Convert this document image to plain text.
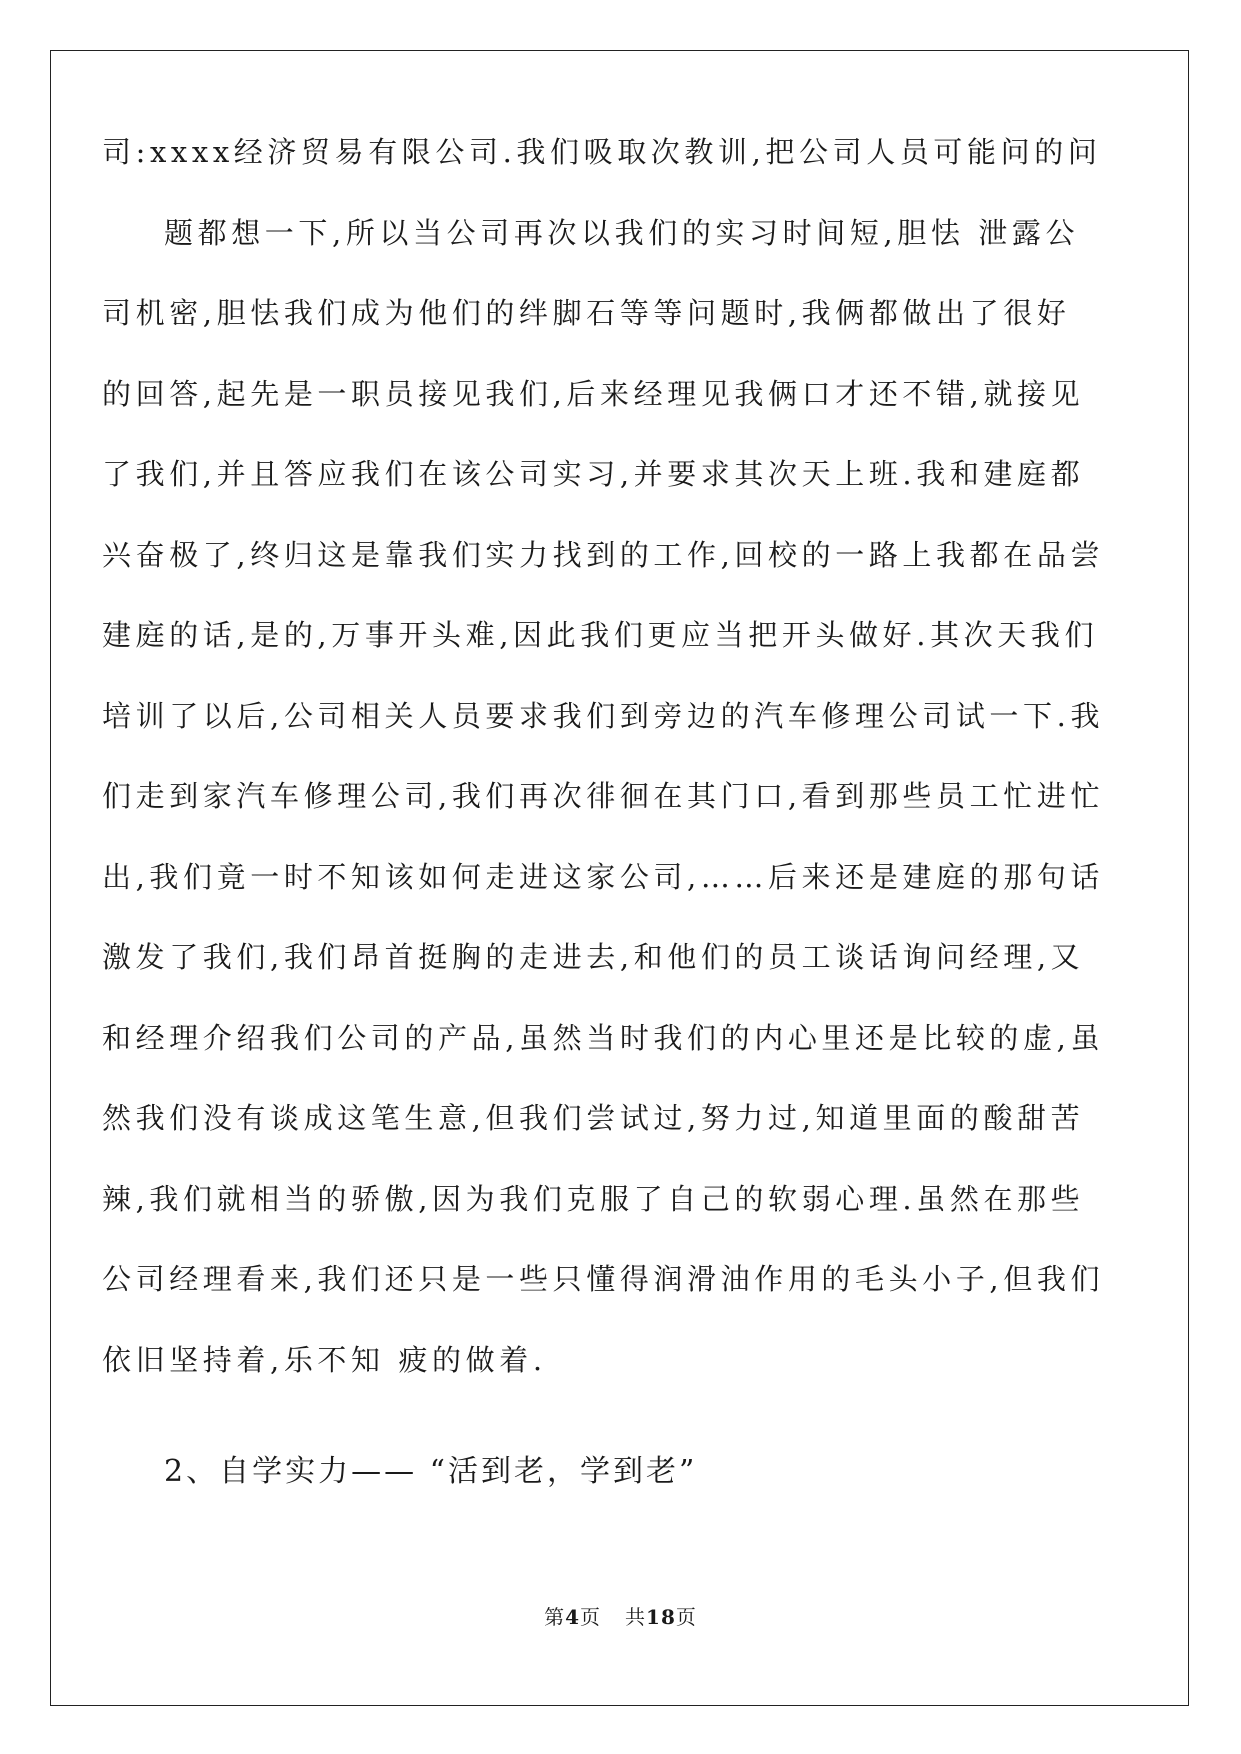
司:xxxx经济贸易有限公司.我们吸取次教训,把公司人员可能问的问
题都想一下,所以当公司再次以我们的实习时间短,胆怯 泄露公
司机密,胆怯我们成为他们的绊脚石等等问题时,我俩都做出了很好
的回答,起先是一职员接见我们,后来经理见我俩口才还不错,就接见
了我们,并且答应我们在该公司实习,并要求其次天上班.我和建庭都
兴奋极了,终归这是靠我们实力找到的工作,回校的一路上我都在品尝
建庭的话,是的,万事开头难,因此我们更应当把开头做好.其次天我们
培训了以后,公司相关人员要求我们到旁边的汽车修理公司试一下.我
们走到家汽车修理公司,我们再次徘徊在其门口,看到那些员工忙进忙
出,我们竟一时不知该如何走进这家公司,……后来还是建庭的那句话
激发了我们,我们昂首挺胸的走进去,和他们的员工谈话询问经理,又
和经理介绍我们公司的产品,虽然当时我们的内心里还是比较的虚,虽
然我们没有谈成这笔生意,但我们尝试过,努力过,知道里面的酸甜苦
辣,我们就相当的骄傲,因为我们克服了自己的软弱心理.虽然在那些
公司经理看来,我们还只是一些只懂得润滑油作用的毛头小子,但我们
依旧坚持着,乐不知 疲的做着.
2、自学实力—— “活到老，学到老”
第4页 共18页
